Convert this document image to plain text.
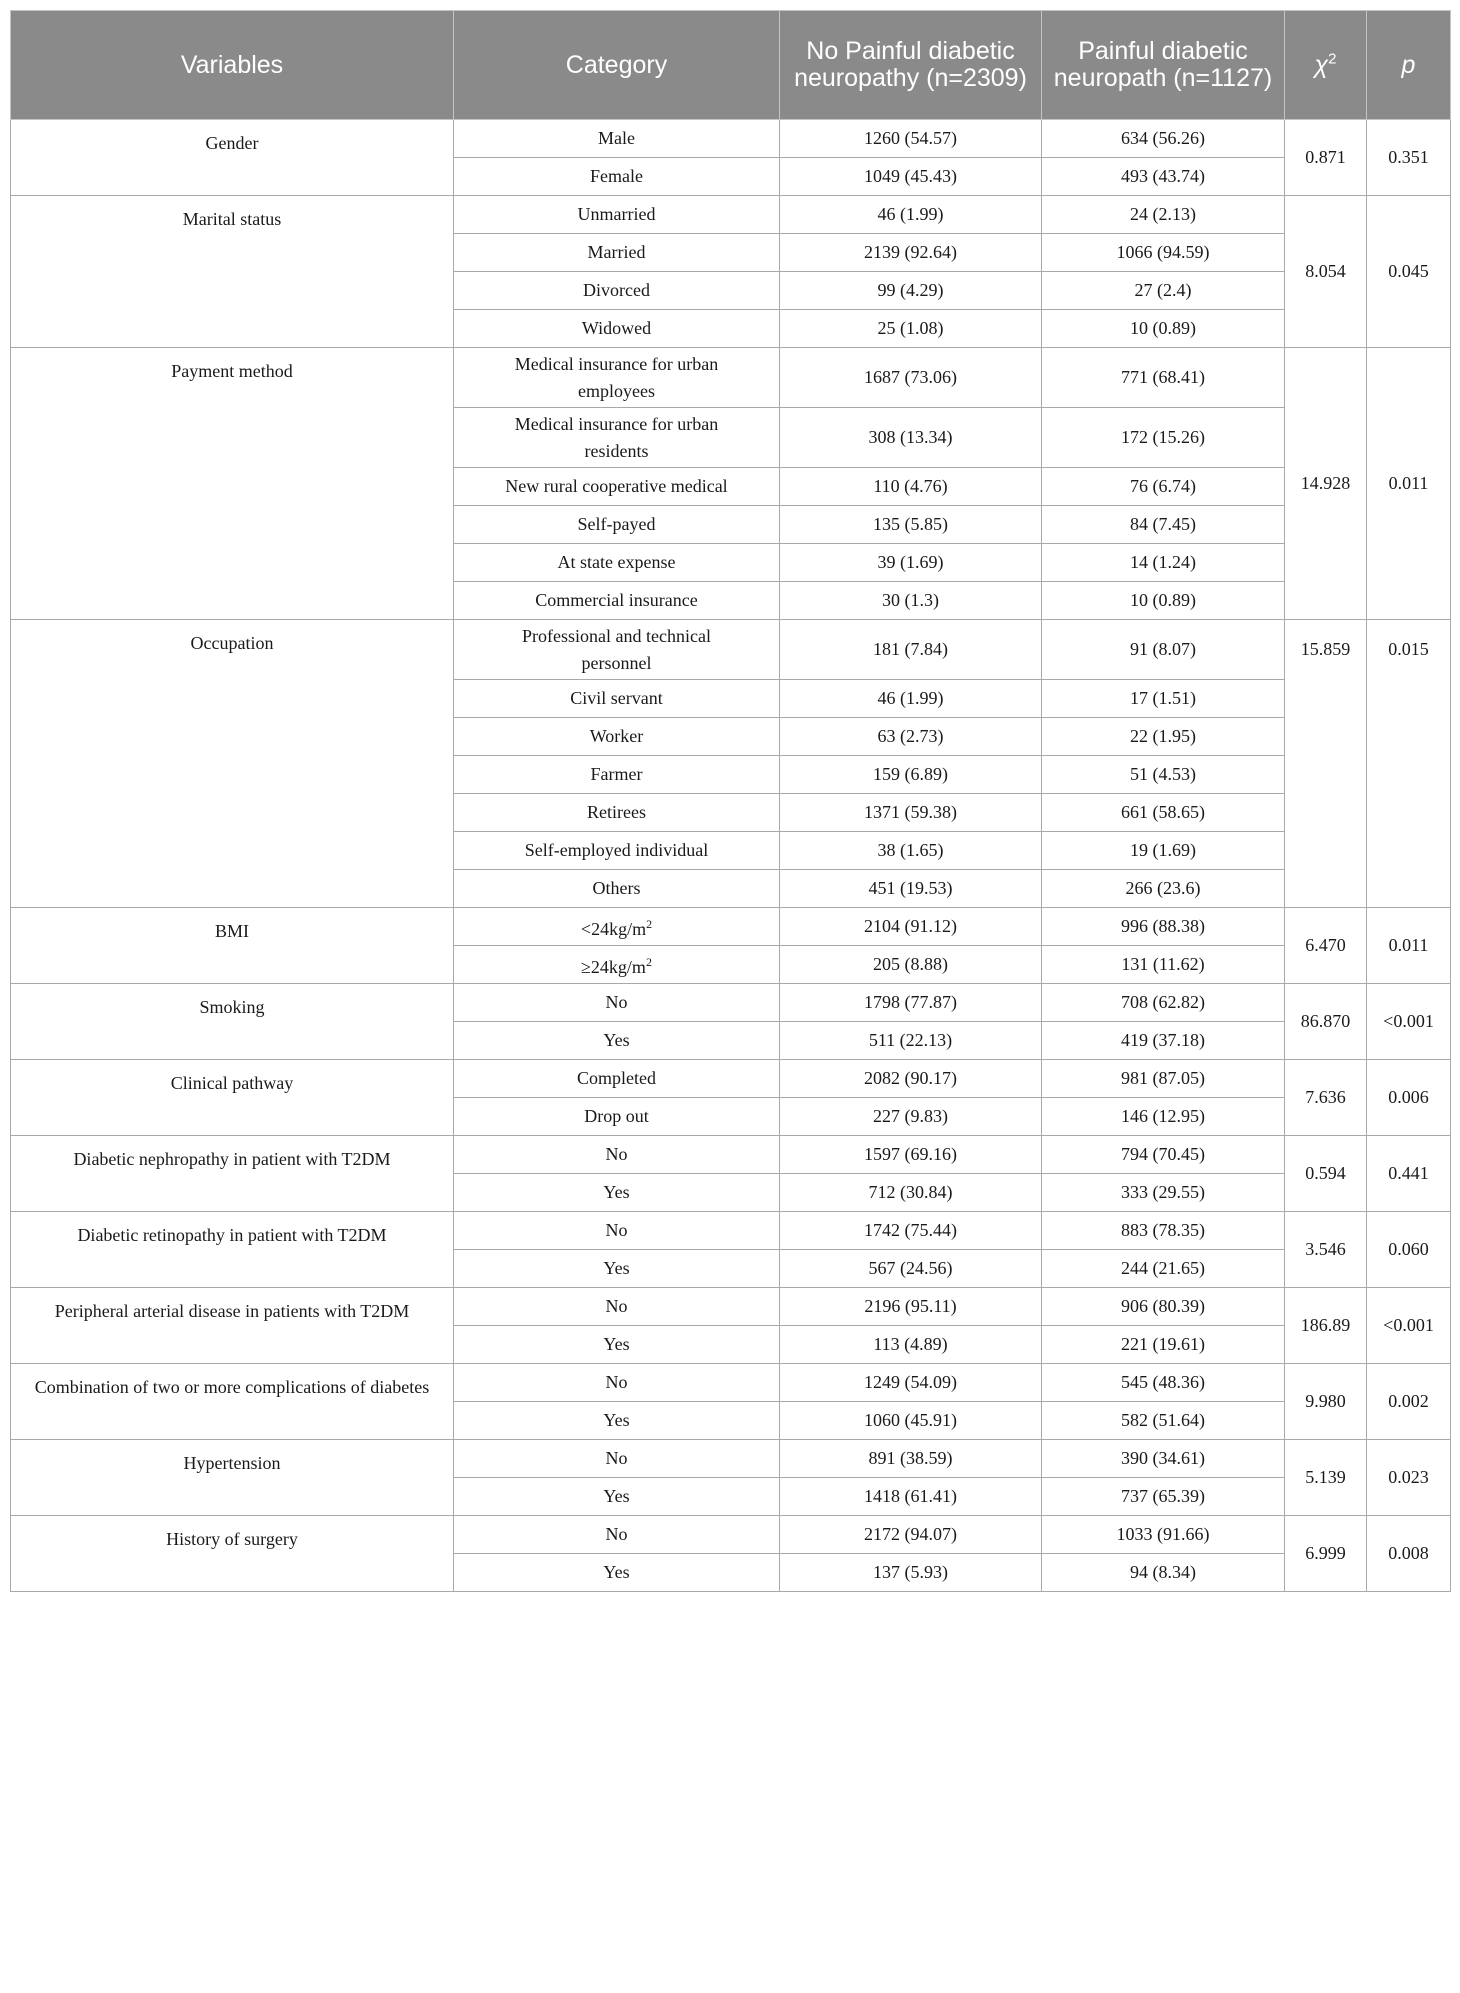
Variables	Category	No Painful diabetic neuropathy (n=2309)	Painful diabetic neuropath (n=1127)	$\chi^2$	p
Gender	Male	1260 (54.57)	634 (56.26)	0.871	0.351
	Female	1049 (45.43)	493 (43.74)		
Marital status	Unmarried	46 (1.99)	24 (2.13)	8.054	0.045
	Married	2139 (92.64)	1066 (94.59)		
	Divorced	99 (4.29)	27 (2.4)		
	Widowed	25 (1.08)	10 (0.89)		
Payment method	Medical insurance for urban employees	1687 (73.06)	771 (68.41)	14.928	0.011
	Medical insurance for urban residents	308 (13.34)	172 (15.26)		
	New rural cooperative medical	110 (4.76)	76 (6.74)		
	Self-payed	135 (5.85)	84 (7.45)		
	At state expense	39 (1.69)	14 (1.24)		
	Commercial insurance	30 (1.3)	10 (0.89)		
Occupation	Professional and technical personnel	181 (7.84)	91 (8.07)	15.859	0.015
	Civil servant	46 (1.99)	17 (1.51)		
	Worker	63 (2.73)	22 (1.95)		
	Farmer	159 (6.89)	51 (4.53)		
	Retirees	1371 (59.38)	661 (58.65)		
	Self-employed individual	38 (1.65)	19 (1.69)		
	Others	451 (19.53)	266 (23.6)		
BMI	$<24kg/m^2$	2104 (91.12)	996 (88.38)	6.470	0.011
	$\ge 24kg/m^2$	205 (8.88)	131 (11.62)		
Smoking	No	1798 (77.87)	708 (62.82)	86.870	<0.001
	Yes	511 (22.13)	419 (37.18)		
Clinical pathway	Completed	2082 (90.17)	981 (87.05)	7.636	0.006
	Drop out	227 (9.83)	146 (12.95)		
Diabetic nephropathy in patient with T2DM	No	1597 (69.16)	794 (70.45)	0.594	0.441
	Yes	712 (30.84)	333 (29.55)		
Diabetic retinopathy in patient with T2DM	No	1742 (75.44)	883 (78.35)	3.546	0.060
	Yes	567 (24.56)	244 (21.65)		
Peripheral arterial disease in patients with T2DM	No	2196 (95.11)	906 (80.39)	186.89	<0.001
	Yes	113 (4.89)	221 (19.61)		
Combination of two or more complications of diabetes	No	1249 (54.09)	545 (48.36)	9.980	0.002
	Yes	1060 (45.91)	582 (51.64)		
Hypertension	No	891 (38.59)	390 (34.61)	5.139	0.023
	Yes	1418 (61.41)	737 (65.39)		
History of surgery	No	2172 (94.07)	1033 (91.66)	6.999	0.008
	Yes	137 (5.93)	94 (8.34)		
